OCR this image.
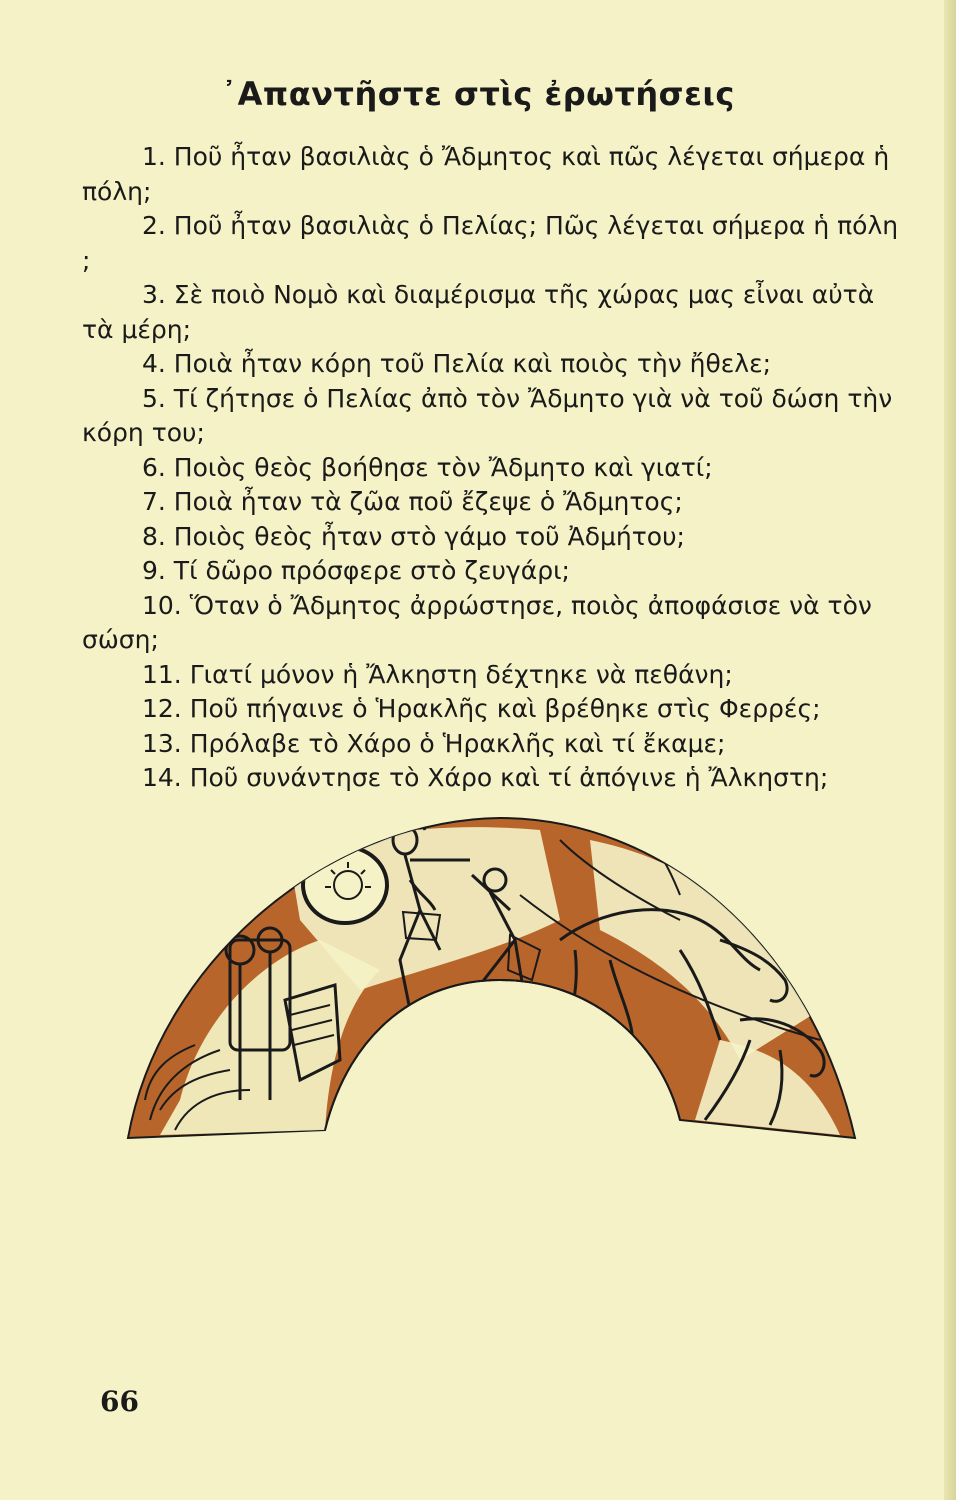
᾿Απαντῆστε στὶς ἐρωτήσεις

1. Ποῦ ἦταν βασιλιὰς ὁ Ἄδμητος καὶ πῶς λέγεται σήμερα ἡ πόλη;

2. Ποῦ ἦταν βασιλιὰς ὁ Πελίας; Πῶς λέγεται σήμερα ἡ πόλη ;

3. Σὲ ποιὸ Νομὸ καὶ διαμέρισμα τῆς χώρας μας εἶναι αὐτὰ τὰ μέρη;

4. Ποιὰ ἦταν κόρη τοῦ Πελία καὶ ποιὸς τὴν ἤθελε;

5. Τί ζήτησε ὁ Πελίας ἀπὸ τὸν Ἄδμητο γιὰ νὰ τοῦ δώση τὴν κόρη του;

6. Ποιὸς θεὸς βοήθησε τὸν Ἄδμητο καὶ γιατί;

7. Ποιὰ ἦταν τὰ ζῶα ποῦ ἔζεψε ὁ Ἄδμητος;

8. Ποιὸς θεὸς ἦταν στὸ γάμο τοῦ Ἀδμήτου;

9. Τί δῶρο πρόσφερε στὸ ζευγάρι;

10. Ὅταν ὁ Ἄδμητος ἀρρώστησε, ποιὸς ἀποφάσισε νὰ τὸν σώση;

11. Γιατί μόνον ἡ Ἄλκηστη δέχτηκε νὰ πεθάνη;

12. Ποῦ πήγαινε ὁ Ἡρακλῆς καὶ βρέθηκε στὶς Φερρές;

13. Πρόλαβε τὸ Χάρο ὁ Ἡρακλῆς καὶ τί ἔκαμε;

14. Ποῦ συνάντησε τὸ Χάρο καὶ τί ἀπόγινε ἡ Ἄλκηστη;

66
